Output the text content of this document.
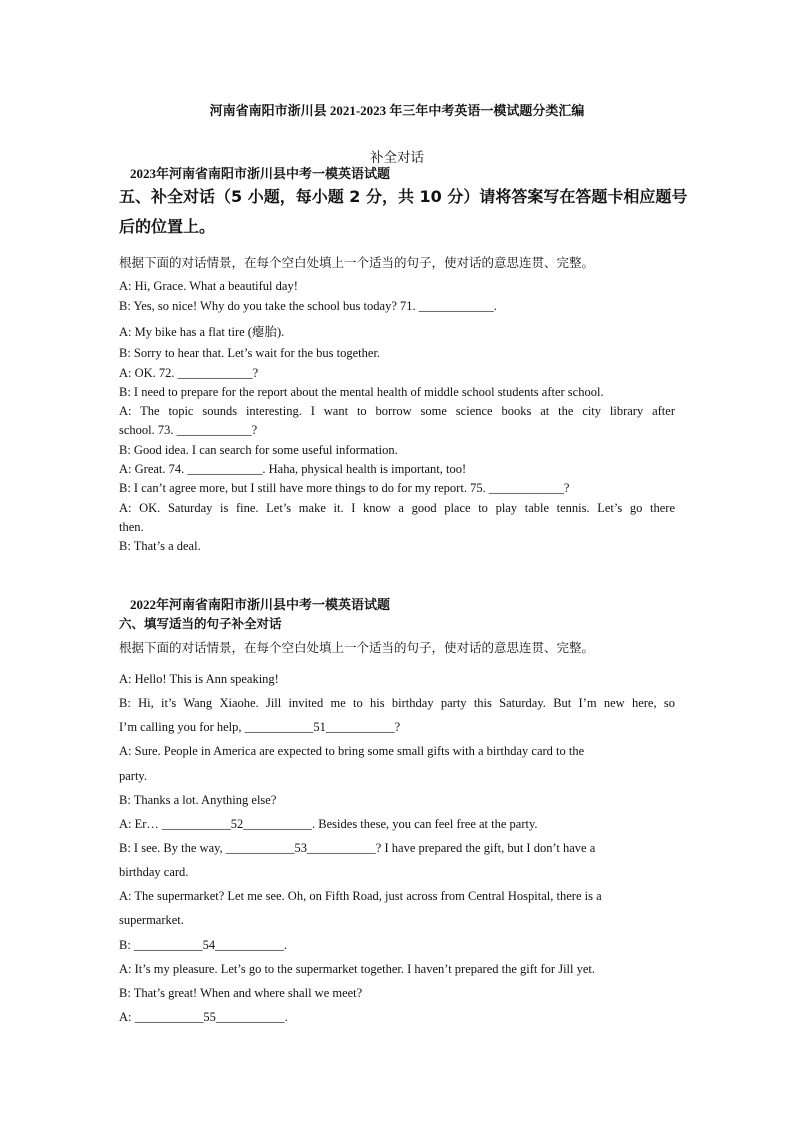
河南省南阳市浙川县 2021-2023 年三年中考英语一模试题分类汇编
补全对话
2023年河南省南阳市浙川县中考一模英语试题
五、补全对话（5 小题，每小题 2 分，共 10 分）请将答案写在答题卡相应题号
后的位置上。
根据下面的对话情景，在每个空白处填上一个适当的句子，使对话的意思连贯、完整。
A: Hi, Grace. What a beautiful day!
B: Yes, so nice! Why do you take the school bus today? 71. ____________.
A: My bike has a flat tire (瘪胎).
B: Sorry to hear that. Let’s wait for the bus together.
A: OK. 72. ____________?
B: I need to prepare for the report about the mental health of middle school students after school.
A: The topic sounds interesting. I want to borrow some science books at the city library after
school. 73. ____________?
B: Good idea. I can search for some useful information.
A: Great. 74. ____________. Haha, physical health is important, too!
B: I can’t agree more, but I still have more things to do for my report. 75. ____________?
A: OK. Saturday is fine. Let’s make it. I know a good place to play table tennis. Let’s go there
then.
B: That’s a deal.
2022年河南省南阳市浙川县中考一模英语试题
六、填写适当的句子补全对话
根据下面的对话情景，在每个空白处填上一个适当的句子，使对话的意思连贯、完整。
A: Hello! This is Ann speaking!
B: Hi, it’s Wang Xiaohe. Jill invited me to his birthday party this Saturday. But I’m new here, so
I’m calling you for help, ___________51___________?
A: Sure. People in America are expected to bring some small gifts with a birthday card to the
party.
B: Thanks a lot. Anything else?
A: Er… ___________52___________. Besides these, you can feel free at the party.
B: I see. By the way, ___________53___________? I have prepared the gift, but I don’t have a
birthday card.
A: The supermarket? Let me see. Oh, on Fifth Road, just across from Central Hospital, there is a
supermarket.
B: ___________54___________.
A: It’s my pleasure. Let’s go to the supermarket together. I haven’t prepared the gift for Jill yet.
B: That’s great! When and where shall we meet?
A: ___________55___________.
